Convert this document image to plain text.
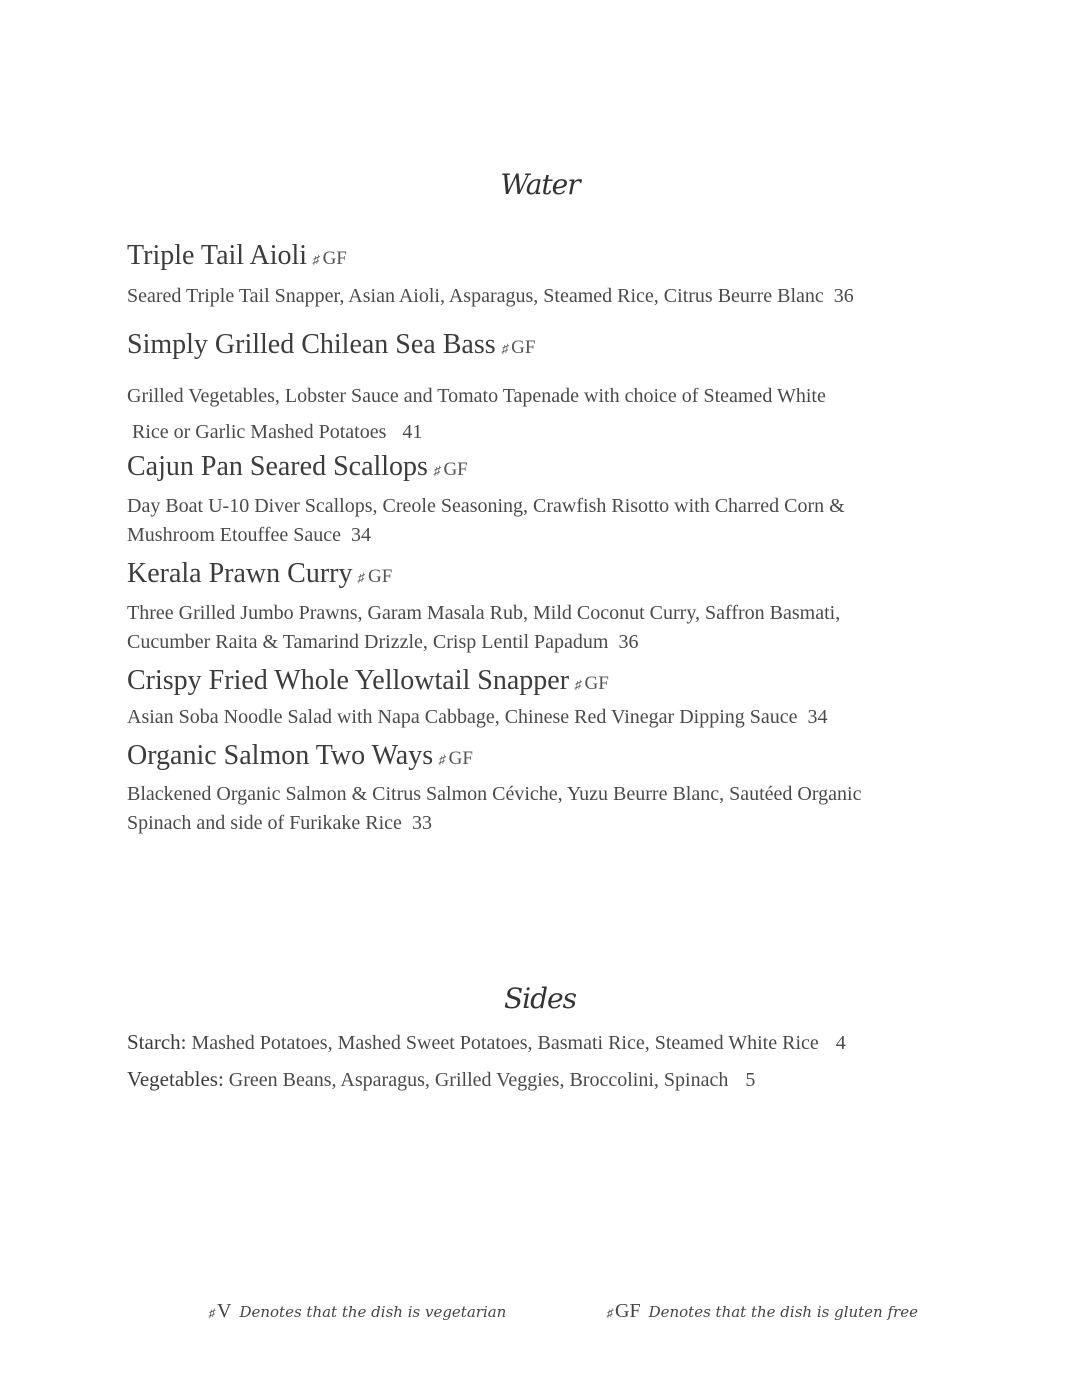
Water
Triple Tail Aioli ♯GF
Seared Triple Tail Snapper, Asian Aioli, Asparagus, Steamed Rice, Citrus Beurre Blanc 36
Simply Grilled Chilean Sea Bass ♯GF
Grilled Vegetables, Lobster Sauce and Tomato Tapenade with choice of Steamed White
Rice or Garlic Mashed Potatoes 41
Cajun Pan Seared Scallops ♯GF
Day Boat U-10 Diver Scallops, Creole Seasoning, Crawfish Risotto with Charred Corn & Mushroom Etouffee Sauce 34
Kerala Prawn Curry ♯GF
Three Grilled Jumbo Prawns, Garam Masala Rub, Mild Coconut Curry, Saffron Basmati, Cucumber Raita & Tamarind Drizzle, Crisp Lentil Papadum 36
Crispy Fried Whole Yellowtail Snapper ♯GF
Asian Soba Noodle Salad with Napa Cabbage, Chinese Red Vinegar Dipping Sauce 34
Organic Salmon Two Ways ♯GF
Blackened Organic Salmon & Citrus Salmon Céviche, Yuzu Beurre Blanc, Sautéed Organic Spinach and side of Furikake Rice 33
Sides
Starch: Mashed Potatoes, Mashed Sweet Potatoes, Basmati Rice, Steamed White Rice 4
Vegetables: Green Beans, Asparagus, Grilled Veggies, Broccolini, Spinach 5
♯V Denotes that the dish is vegetarian	♯GF Denotes that the dish is gluten free
